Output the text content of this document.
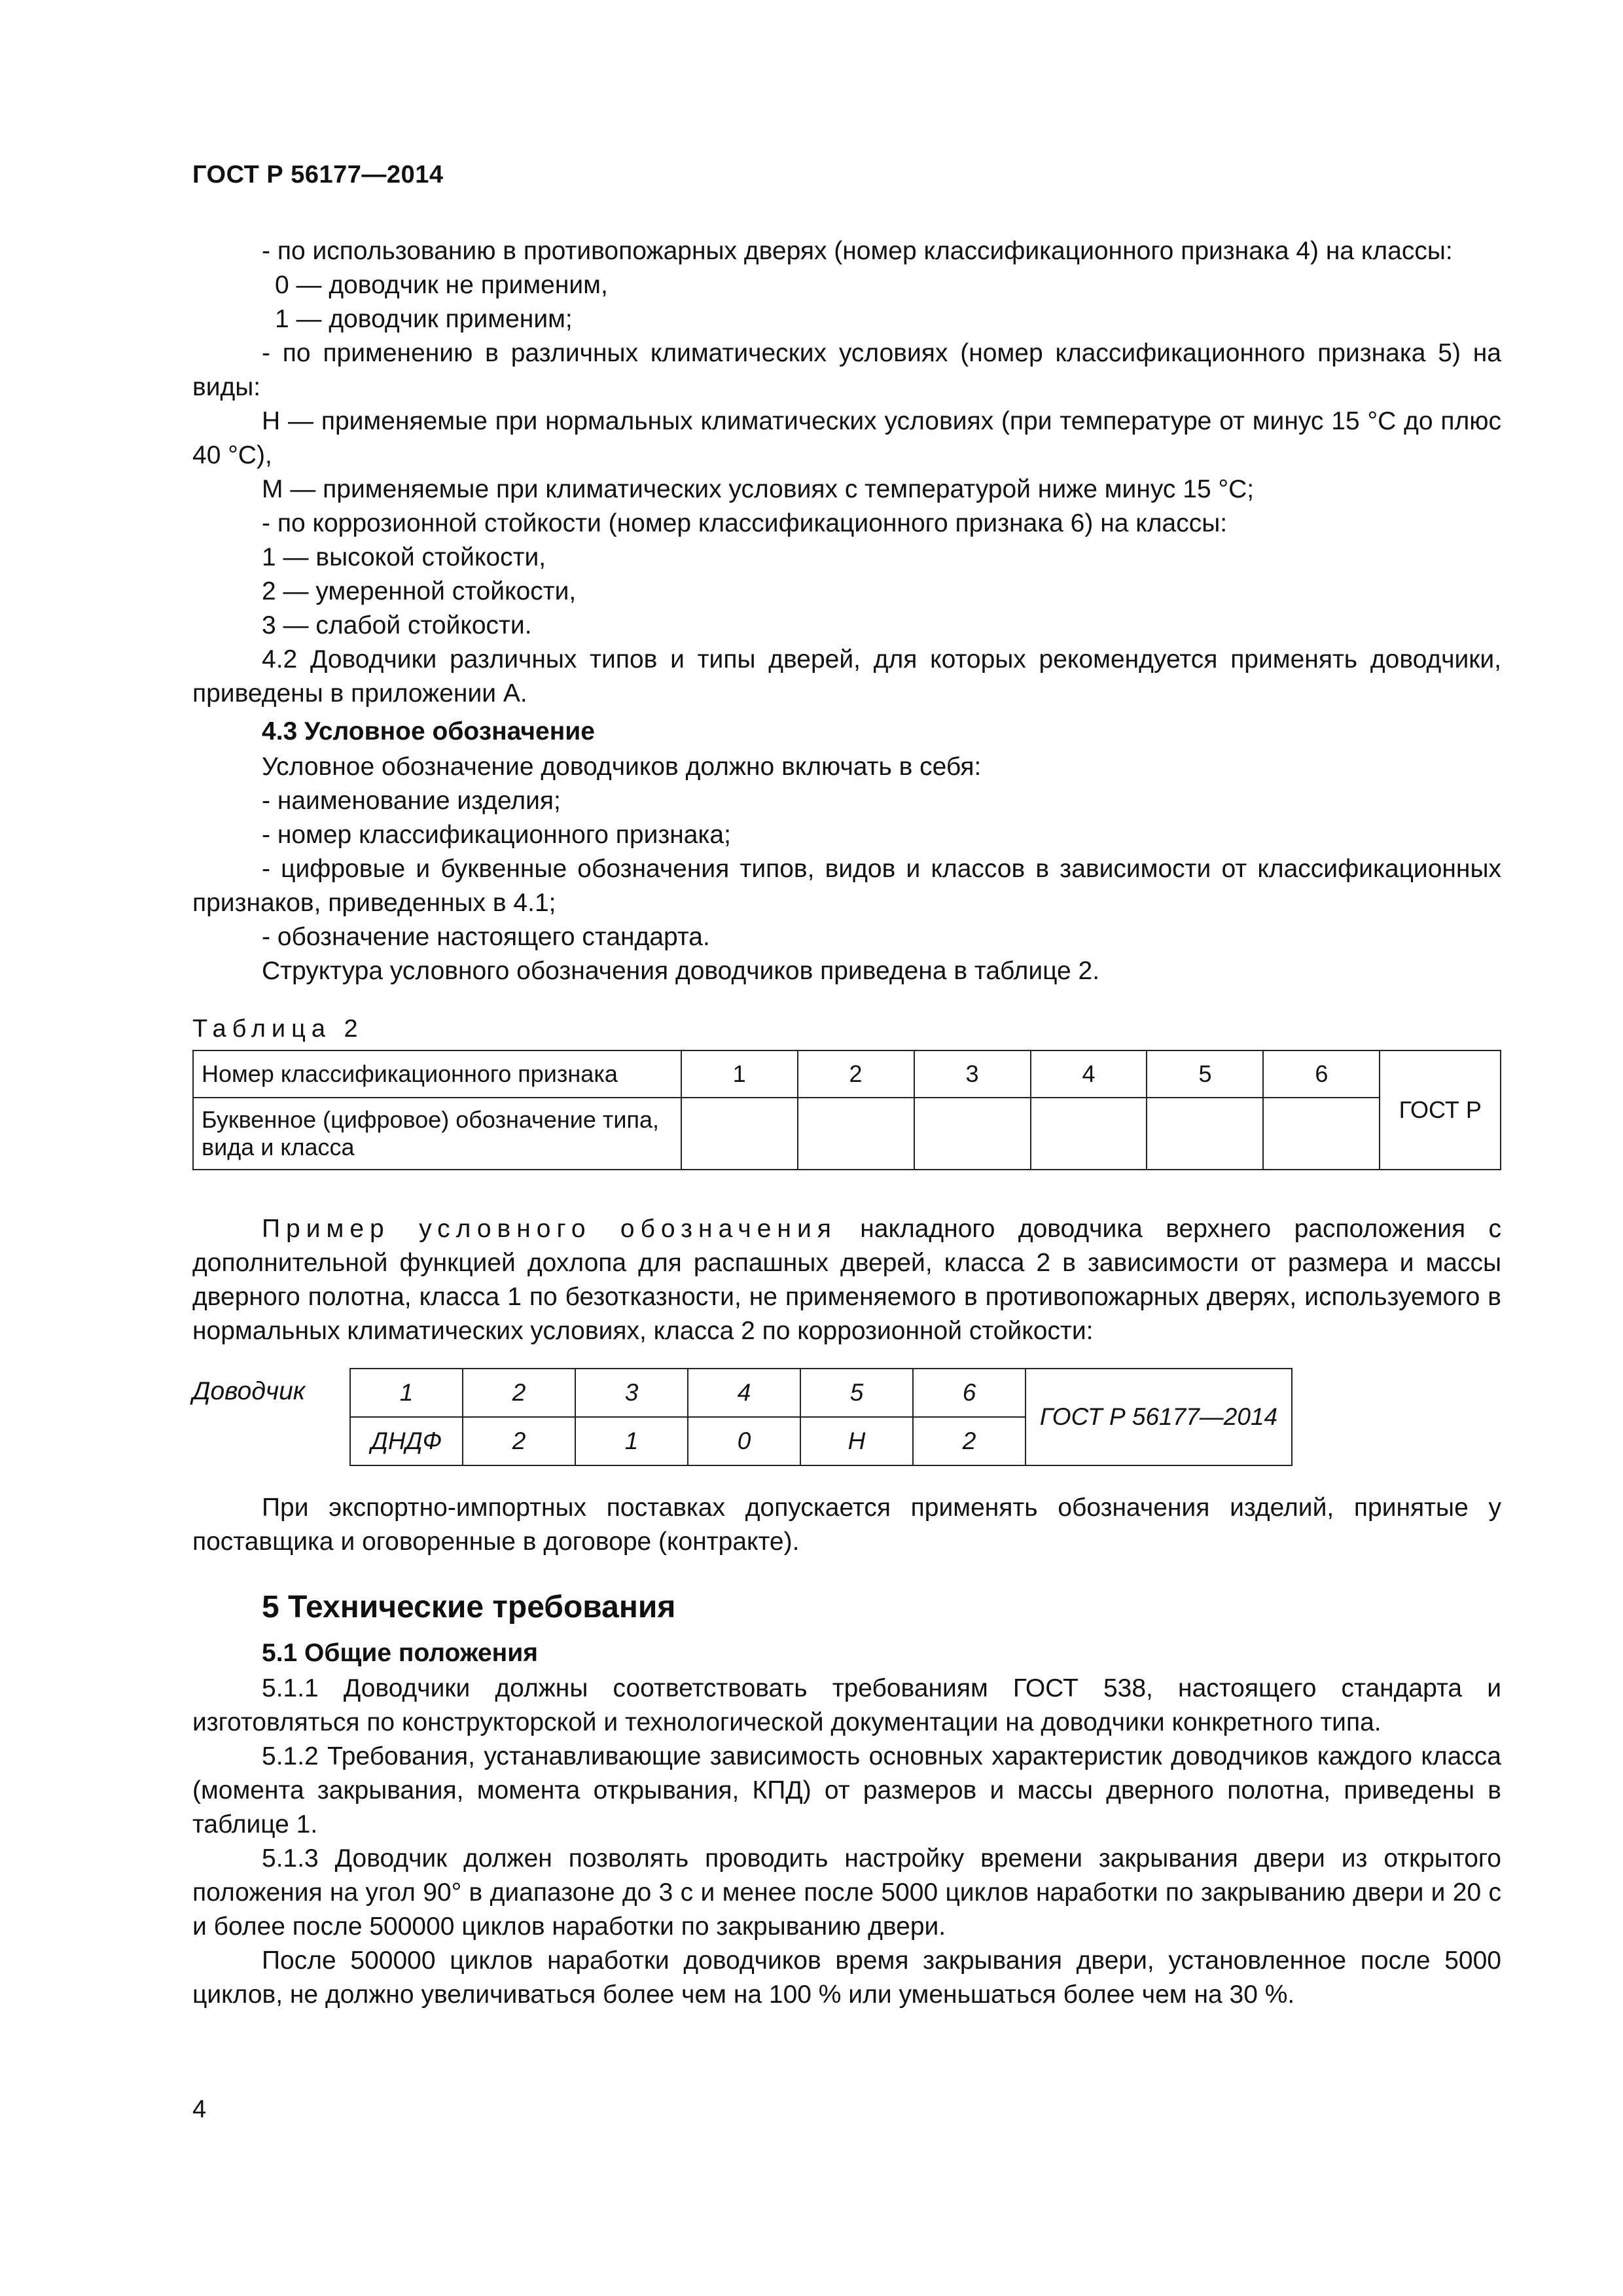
ГОСТ Р 56177—2014

- по использованию в противопожарных дверях (номер классификационного признака 4) на классы:

0 — доводчик не применим,

1 — доводчик применим;

- по применению в различных климатических условиях (номер классификационного признака 5) на виды:

Н — применяемые при нормальных климатических условиях (при температуре от минус 15 °С до плюс 40 °С),

М — применяемые при климатических условиях с температурой ниже минус 15 °С;

- по коррозионной стойкости (номер классификационного признака 6) на классы:

1 — высокой стойкости,

2 — умеренной стойкости,

3 — слабой стойкости.

4.2 Доводчики различных типов и типы дверей, для которых рекомендуется применять доводчики, приведены в приложении А.

4.3 Условное обозначение

Условное обозначение доводчиков должно включать в себя:

- наименование изделия;

- номер классификационного признака;

- цифровые и буквенные обозначения типов, видов и классов в зависимости от классификационных признаков, приведенных в 4.1;

- обозначение настоящего стандарта.

Структура условного обозначения доводчиков приведена в таблице 2.

Таблица 2
Номер классификационного признака	1	2	3	4	5	6	ГОСТ Р
Буквенное (цифровое) обозначение типа, вида и класса							

Пример условного обозначения накладного доводчика верхнего расположения с дополнительной функцией дохлопа для распашных дверей, класса 2 в зависимости от размера и массы дверного полотна, класса 1 по безотказности, не применяемого в противопожарных дверях, используемого в нормальных климатических условиях, класса 2 по коррозионной стойкости:

Доводчик	1	2	3	4	5	6	ГОСТ Р 56177—2014
ДНДФ	2	1	0	Н	2	

При экспортно-импортных поставках допускается применять обозначения изделий, принятые у поставщика и оговоренные в договоре (контракте).

5 Технические требования

5.1 Общие положения

5.1.1 Доводчики должны соответствовать требованиям ГОСТ 538, настоящего стандарта и изготовляться по конструкторской и технологической документации на доводчики конкретного типа.

5.1.2 Требования, устанавливающие зависимость основных характеристик доводчиков каждого класса (момента закрывания, момента открывания, КПД) от размеров и массы дверного полотна, приведены в таблице 1.

5.1.3 Доводчик должен позволять проводить настройку времени закрывания двери из открытого положения на угол 90° в диапазоне до 3 с и менее после 5000 циклов наработки по закрыванию двери и 20 с и более после 500000 циклов наработки по закрыванию двери.

После 500000 циклов наработки доводчиков время закрывания двери, установленное после 5000 циклов, не должно увеличиваться более чем на 100 % или уменьшаться более чем на 30 %.

4
